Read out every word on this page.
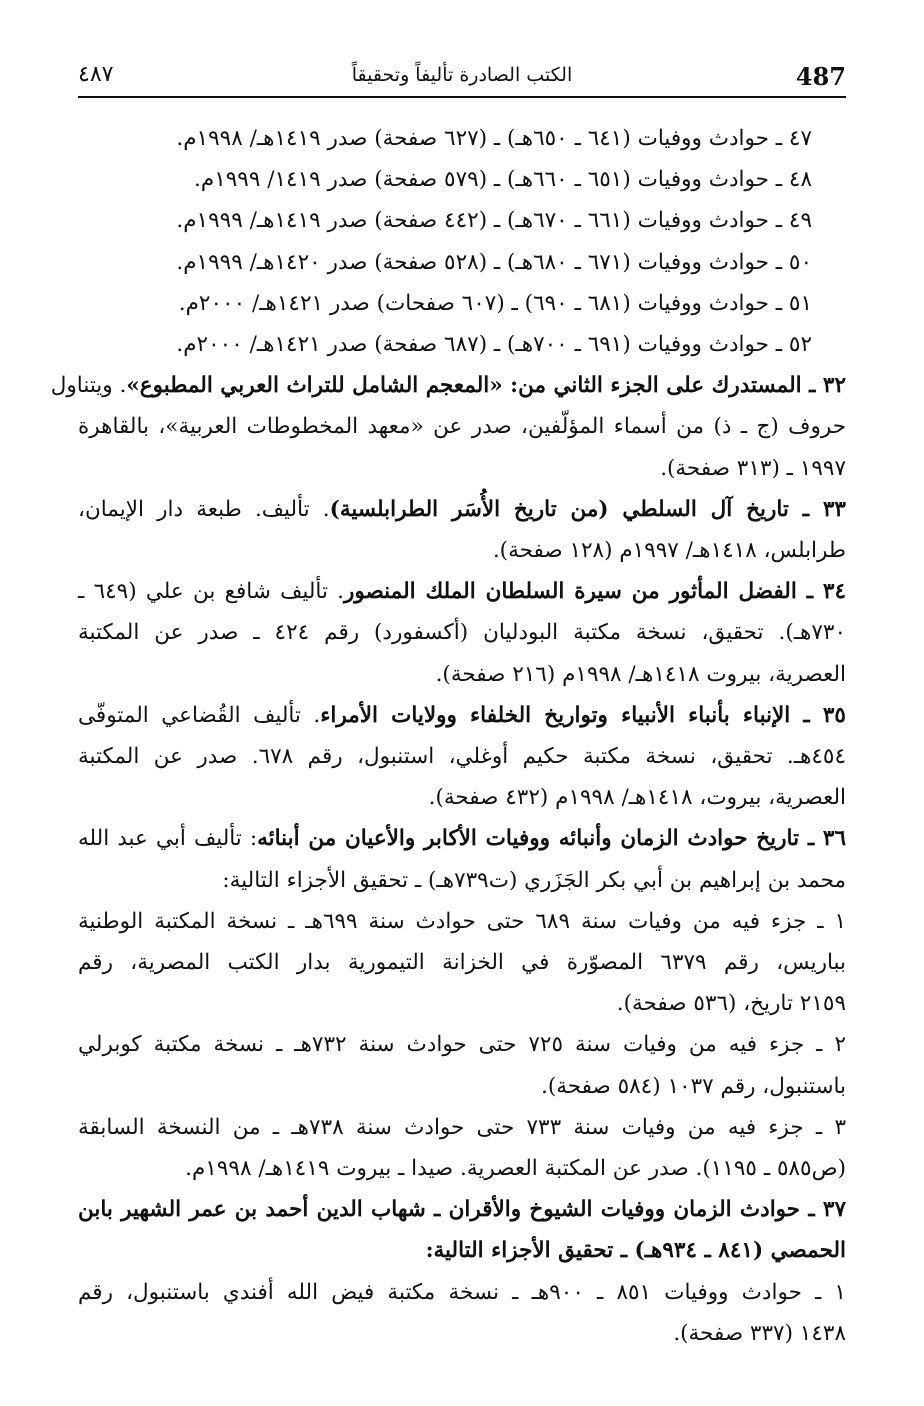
487
الكتب الصادرة تأليفاً وتحقيقاً
٤٨٧
٤٧ ـ حوادث ووفيات (٦٤١ ـ ٦٥٠هـ) ـ (٦٢٧ صفحة) صدر ١٤١٩هـ/ ١٩٩٨م.
٤٨ ـ حوادث ووفيات (٦٥١ ـ ٦٦٠هـ) ـ (٥٧٩ صفحة) صدر ١٤١٩/ ١٩٩٩م.
٤٩ ـ حوادث ووفيات (٦٦١ ـ ٦٧٠هـ) ـ (٤٤٢ صفحة) صدر ١٤١٩هـ/ ١٩٩٩م.
٥٠ ـ حوادث ووفيات (٦٧١ ـ ٦٨٠هـ) ـ (٥٢٨ صفحة) صدر ١٤٢٠هـ/ ١٩٩٩م.
٥١ ـ حوادث ووفيات (٦٨١ ـ ٦٩٠) ـ (٦٠٧ صفحات) صدر ١٤٢١هـ/ ٢٠٠٠م.
٥٢ ـ حوادث ووفيات (٦٩١ ـ ٧٠٠هـ) ـ (٦٨٧ صفحة) صدر ١٤٢١هـ/ ٢٠٠٠م.
٣٢ ـ المستدرك على الجزء الثاني من: «المعجم الشامل للتراث العربي المطبوع». ويتناول
حروف (ج ـ ذ) من أسماء المؤلّفين، صدر عن «معهد المخطوطات العربية»، بالقاهرة
١٩٩٧ ـ (٣١٣ صفحة).
٣٣ ـ تاريخ آل السلطي (من تاريخ الأُسَر الطرابلسية). تأليف. طبعة دار الإيمان،
طرابلس، ١٤١٨هـ/ ١٩٩٧م (١٢٨ صفحة).
٣٤ ـ الفضل المأثور من سيرة السلطان الملك المنصور. تأليف شافع بن علي (٦٤٩ ـ
٧٣٠هـ). تحقيق، نسخة مكتبة البودليان (أكسفورد) رقم ٤٢٤ ـ صدر عن المكتبة
العصرية، بيروت ١٤١٨هـ/ ١٩٩٨م (٢١٦ صفحة).
٣٥ ـ الإنباء بأنباء الأنبياء وتواريخ الخلفاء وولايات الأمراء. تأليف القُضاعي المتوفّى
٤٥٤هـ. تحقيق، نسخة مكتبة حكيم أوغلي، استنبول، رقم ٦٧٨. صدر عن المكتبة
العصرية، بيروت، ١٤١٨هـ/ ١٩٩٨م (٤٣٢ صفحة).
٣٦ ـ تاريخ حوادث الزمان وأنبائه ووفيات الأكابر والأعيان من أبنائه: تأليف أبي عبد الله
محمد بن إبراهيم بن أبي بكر الجَزَري (ت٧٣٩هـ) ـ تحقيق الأجزاء التالية:
١ ـ جزء فيه من وفيات سنة ٦٨٩ حتى حوادث سنة ٦٩٩هـ ـ نسخة المكتبة الوطنية
بباريس، رقم ٦٣٧٩ المصوّرة في الخزانة التيمورية بدار الكتب المصرية، رقم
٢١٥٩ تاريخ، (٥٣٦ صفحة).
٢ ـ جزء فيه من وفيات سنة ٧٢٥ حتى حوادث سنة ٧٣٢هـ ـ نسخة مكتبة كوبرلي
باستنبول، رقم ١٠٣٧ (٥٨٤ صفحة).
٣ ـ جزء فيه من وفيات سنة ٧٣٣ حتى حوادث سنة ٧٣٨هـ ـ من النسخة السابقة
(ص٥٨٥ ـ ١١٩٥). صدر عن المكتبة العصرية. صيدا ـ بيروت ١٤١٩هـ/ ١٩٩٨م.
٣٧ ـ حوادث الزمان ووفيات الشيوخ والأقران ـ شهاب الدين أحمد بن عمر الشهير بابن
الحمصي (٨٤١ ـ ٩٣٤هـ) ـ تحقيق الأجزاء التالية:
١ ـ حوادث ووفيات ٨٥١ ـ ٩٠٠هـ ـ نسخة مكتبة فيض الله أفندي باستنبول، رقم
١٤٣٨ (٣٣٧ صفحة).
